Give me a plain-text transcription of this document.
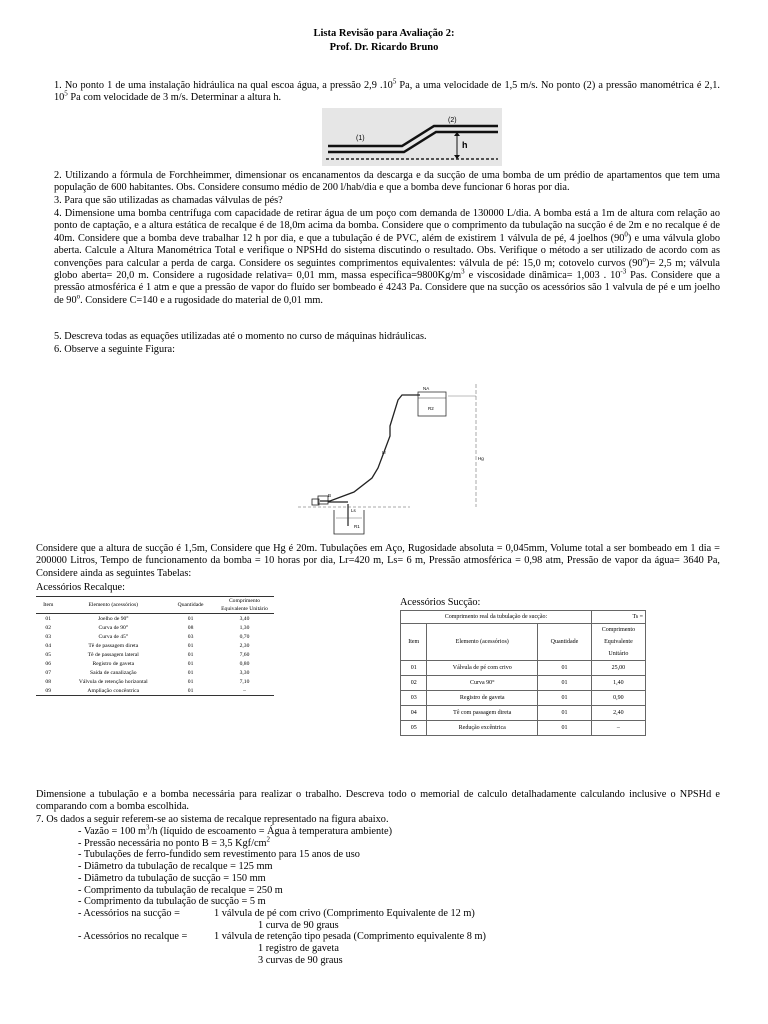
Lista Revisão para Avaliação 2:
Prof. Dr. Ricardo Bruno
1. No ponto 1 de uma instalação hidráulica na qual escoa água, a pressão 2,9 $.10^5$ Pa, a uma velocidade de 1,5 m/s. No ponto (2) a pressão manométrica é 2,1. $10^5$ Pa com velocidade de 3 m/s. Determinar a altura h.
(1)
(2)
h
2. Utilizando a fórmula de Forchheimmer, dimensionar os encanamentos da descarga e da sucção de uma bomba de um prédio de apartamentos que tem uma população de 600 habitantes. Obs. Considere consumo médio de 200 l/hab/dia e que a bomba deve funcionar 6 horas por dia.
3. Para que são utilizadas as chamadas válvulas de pés?
4. Dimensione uma bomba centrífuga com capacidade de retirar água de um poço com demanda de 130000 L/dia. A bomba está a 1m de altura com relação ao ponto de captação, e a altura estática de recalque é de 18,0m acima da bomba. Considere que o comprimento da tubulação na sucção é de 2m e no recalque é de 40m. Considere que a bomba deve trabalhar 12 h por dia, e que a tubulação é de PVC, além de existirem 1 válvula de pé, 4 joelhos $(90^0)$ e uma válvula globo aberta. Calcule a Altura Manométrica Total e verifique o NPSHd do sistema discutindo o resultado. Obs. Verifique o método a ser utilizado de acordo com as convenções para calcular a perda de carga. Considere os seguintes comprimentos equivalentes: válvula de pé: 15,0 m; cotovelo curvos $(90^o)= 2,5$ m; válvula globo aberta= 20,0 m. Considere a rugosidade relativa= 0,01 mm, massa $específica=9800Kg/m^3$ e viscosidade dinâmica= 1,003 . $10^{-3}$ Pas. Considere que a pressão atmosférica é 1 atm e que a pressão de vapor do fluído ser bombeado é 4243 Pa. Considere que na sucção os acessórios são 1 valvula de pé e um joelho de 90$^o$. Considere C=140 e a rugosidade do material de 0,01 mm.
5. Descreva todas as equações utilizadas até o momento no curso de máquinas hidráulicas.
6. Observe a seguinte Figura:
NA
R2
Lr
Hg
B
Ls
R1
Considere que a altura de sucção é 1,5m, Considere que Hg é 20m. Tubulações em Aço, Rugosidade absoluta = 0,045mm, Volume total a ser bombeado em 1 dia = 200000 Litros, Tempo de funcionamento da bomba = 10 horas por dia, Lr=420 m, Ls= 6 m, Pressão atmosférica = 0,98 atm, Pressão de vapor da água= 3640 Pa, Considere ainda as seguintes Tabelas:
Acessórios Recalque:
Acessórios Sucção:
Item	Elemento (acessórios)	Quantidade	Comprimento Equivalente Unitário
01	Joelho de 90°	01	3,40
02	Curva de 90°	08	1,30
03	Curva de 45°	03	0,70
04	Tê de passagem direta	01	2,30
05	Tê de passagem lateral	01	7,60
06	Registro de gaveta	01	0,80
07	Saída de canalização	01	3,30
08	Válvula de retenção horizontal	01	7,10
09	Ampliação concêntrica	01	–
Comprimento real da tubulação de sucção:			Ts =
Item	Elemento (acessórios)	Quantidade	Comprimento Equivalente Unitário
01	Válvula de pé com crivo	01	25,00
02	Curva 90°	01	1,40
03	Registro de gaveta	01	0,90
04	Tê com passagem direta	01	2,40
05	Redução excêntrica	01	–
Dimensione a tubulação e a bomba necessária para realizar o trabalho. Descreva todo o memorial de calculo detalhadamente calculando inclusive o NPSHd e comparando com a bomba escolhida.
7. Os dados a seguir referem-se ao sistema de recalque representado na figura abaixo.
- Vazão = 100 $m^3/h$ (líquido de escoamento = Água à temperatura ambiente)
- Pressão necessária no ponto B = 3,5 Kgf/$cm^2$
- Tubulações de ferro-fundido sem revestimento para 15 anos de uso
- Diâmetro da tubulação de recalque = 125 mm
- Diâmetro da tubulação de sucção = 150 mm
- Comprimento da tubulação de recalque = 250 m
- Comprimento da tubulação de sucção = 5 m
- Acessórios na sucção =	1 válvula de pé com crivo (Comprimento Equivalente de 12 m)
1 curva de 90 graus
- Acessórios no recalque =	1 válvula de retenção tipo pesada (Comprimento equivalente 8 m)
1 registro de gaveta
3 curvas de 90 graus
